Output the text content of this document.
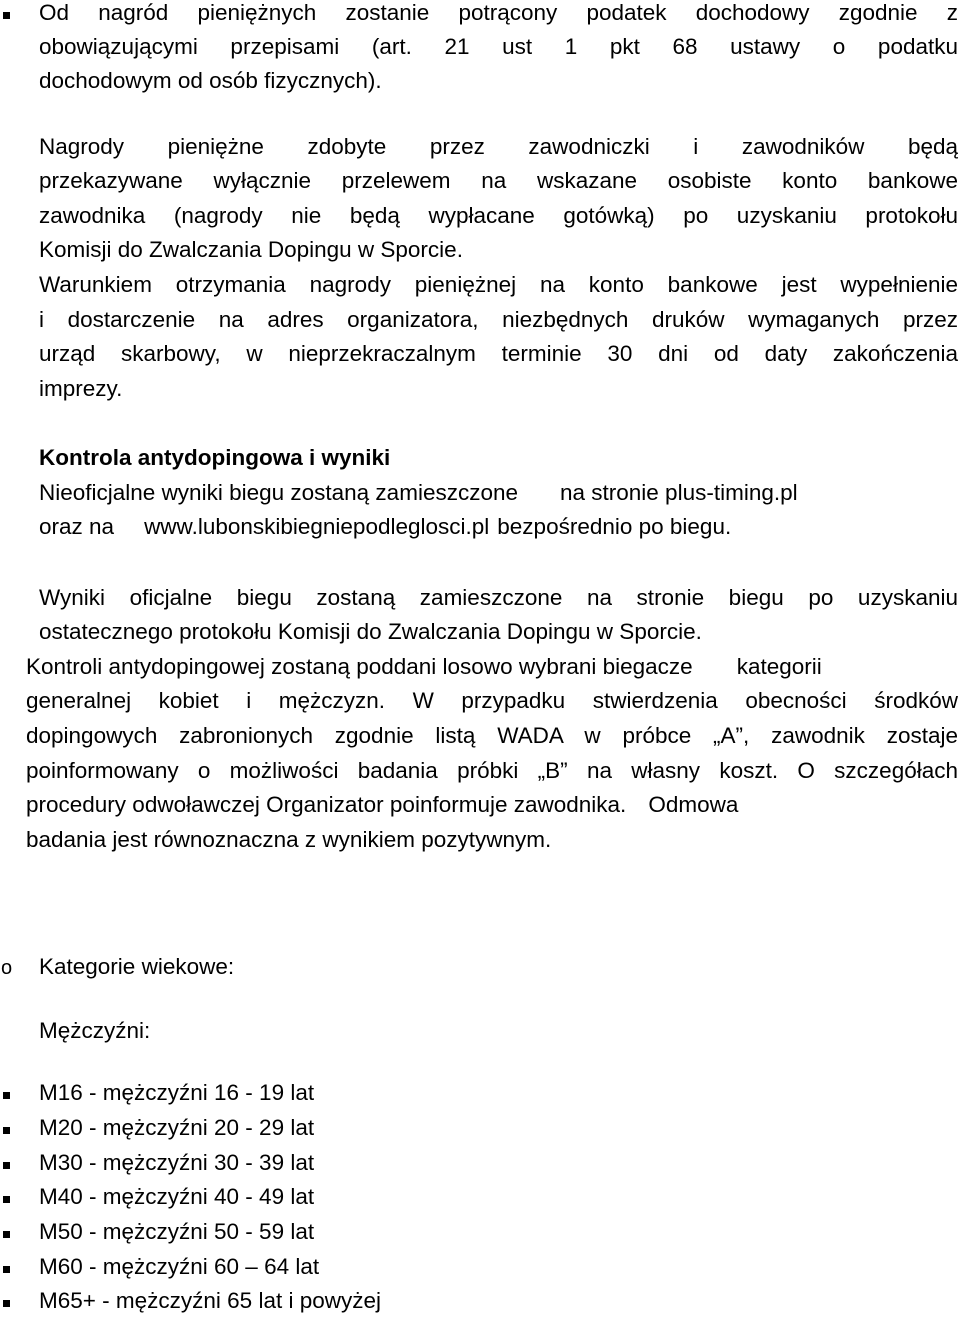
Od nagród pieniężnych zostanie potrącony podatek dochodowy zgodnie z
obowiązującymi przepisami (art. 21 ust 1 pkt 68 ustawy o podatku
dochodowym od osób fizycznych).
Nagrody pieniężne zdobyte przez zawodniczki i zawodników będą
przekazywane wyłącznie przelewem na wskazane osobiste konto bankowe
zawodnika (nagrody nie będą wypłacane gotówką) po uzyskaniu protokołu
Komisji do Zwalczania Dopingu w Sporcie.
Warunkiem otrzymania nagrody pieniężnej na konto bankowe jest wypełnienie
i dostarczenie na adres organizatora, niezbędnych druków wymaganych przez
urząd skarbowy, w nieprzekraczalnym terminie 30 dni od daty zakończenia
imprezy.
Kontrola antydopingowa i wyniki
Nieoficjalne wyniki biegu zostaną zamieszczone na stronie plus-timing.pl
oraz na www.lubonskibiegniepodleglosci.pl bezpośrednio po biegu.
Wyniki oficjalne biegu zostaną zamieszczone na stronie biegu po uzyskaniu
ostatecznego protokołu Komisji do Zwalczania Dopingu w Sporcie.
Kontroli antydopingowej zostaną poddani losowo wybrani biegacze kategorii
generalnej kobiet i mężczyzn. W przypadku stwierdzenia obecności środków
dopingowych zabronionych zgodnie listą WADA w próbce „A”, zawodnik zostaje
poinformowany o możliwości badania próbki „B” na własny koszt. O szczegółach
procedury odwoławczej Organizator poinformuje zawodnika. Odmowa
badania jest równoznaczna z wynikiem pozytywnym.
o Kategorie wiekowe:
Mężczyźni:
M16 - mężczyźni 16 - 19 lat
M20 - mężczyźni 20 - 29 lat
M30 - mężczyźni 30 - 39 lat
M40 - mężczyźni 40 - 49 lat
M50 - mężczyźni 50 - 59 lat
M60 - mężczyźni 60 – 64 lat
M65+ - mężczyźni 65 lat i powyżej
